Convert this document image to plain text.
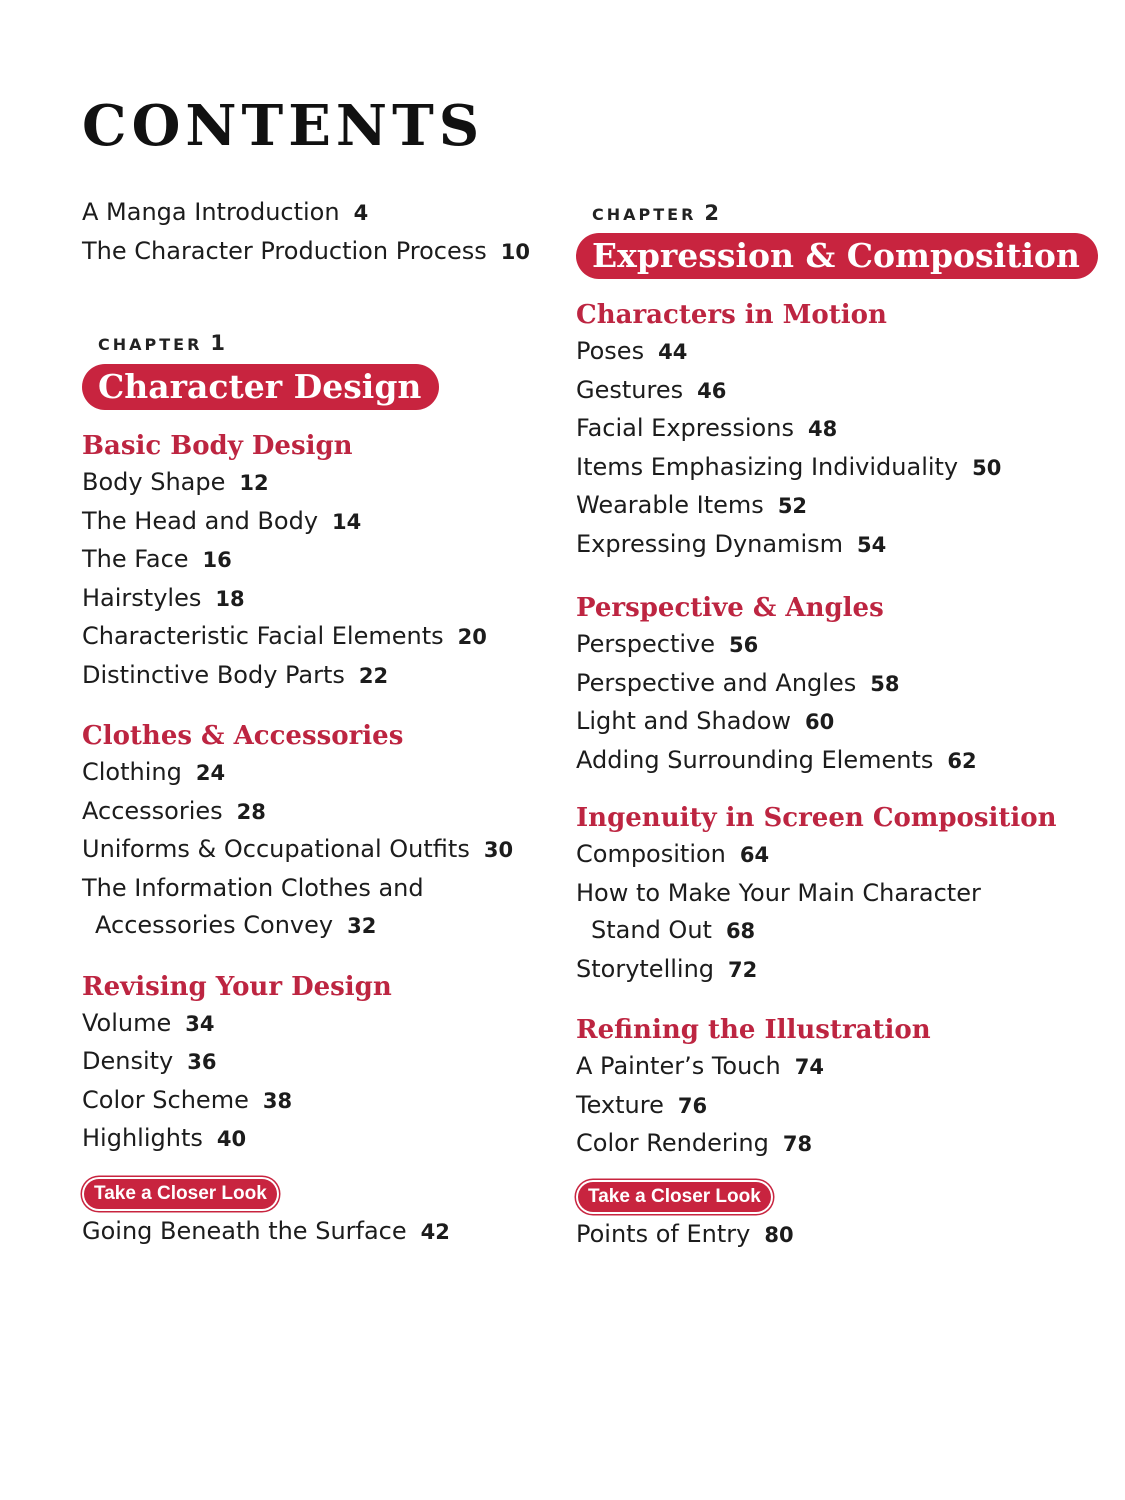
CONTENTS
A Manga Introduction 4
The Character Production Process 10
CHAPTER 1
Character Design
Basic Body Design
Body Shape 12
The Head and Body 14
The Face 16
Hairstyles 18
Characteristic Facial Elements 20
Distinctive Body Parts 22
Clothes & Accessories
Clothing 24
Accessories 28
Uniforms & Occupational Outfits 30
The Information Clothes and
Accessories Convey 32
Revising Your Design
Volume 34
Density 36
Color Scheme 38
Highlights 40
Take a Closer Look
Going Beneath the Surface 42
CHAPTER 2
Expression & Composition
Characters in Motion
Poses 44
Gestures 46
Facial Expressions 48
Items Emphasizing Individuality 50
Wearable Items 52
Expressing Dynamism 54
Perspective & Angles
Perspective 56
Perspective and Angles 58
Light and Shadow 60
Adding Surrounding Elements 62
Ingenuity in Screen Composition
Composition 64
How to Make Your Main Character
Stand Out 68
Storytelling 72
Refining the Illustration
A Painter’s Touch 74
Texture 76
Color Rendering 78
Take a Closer Look
Points of Entry 80
